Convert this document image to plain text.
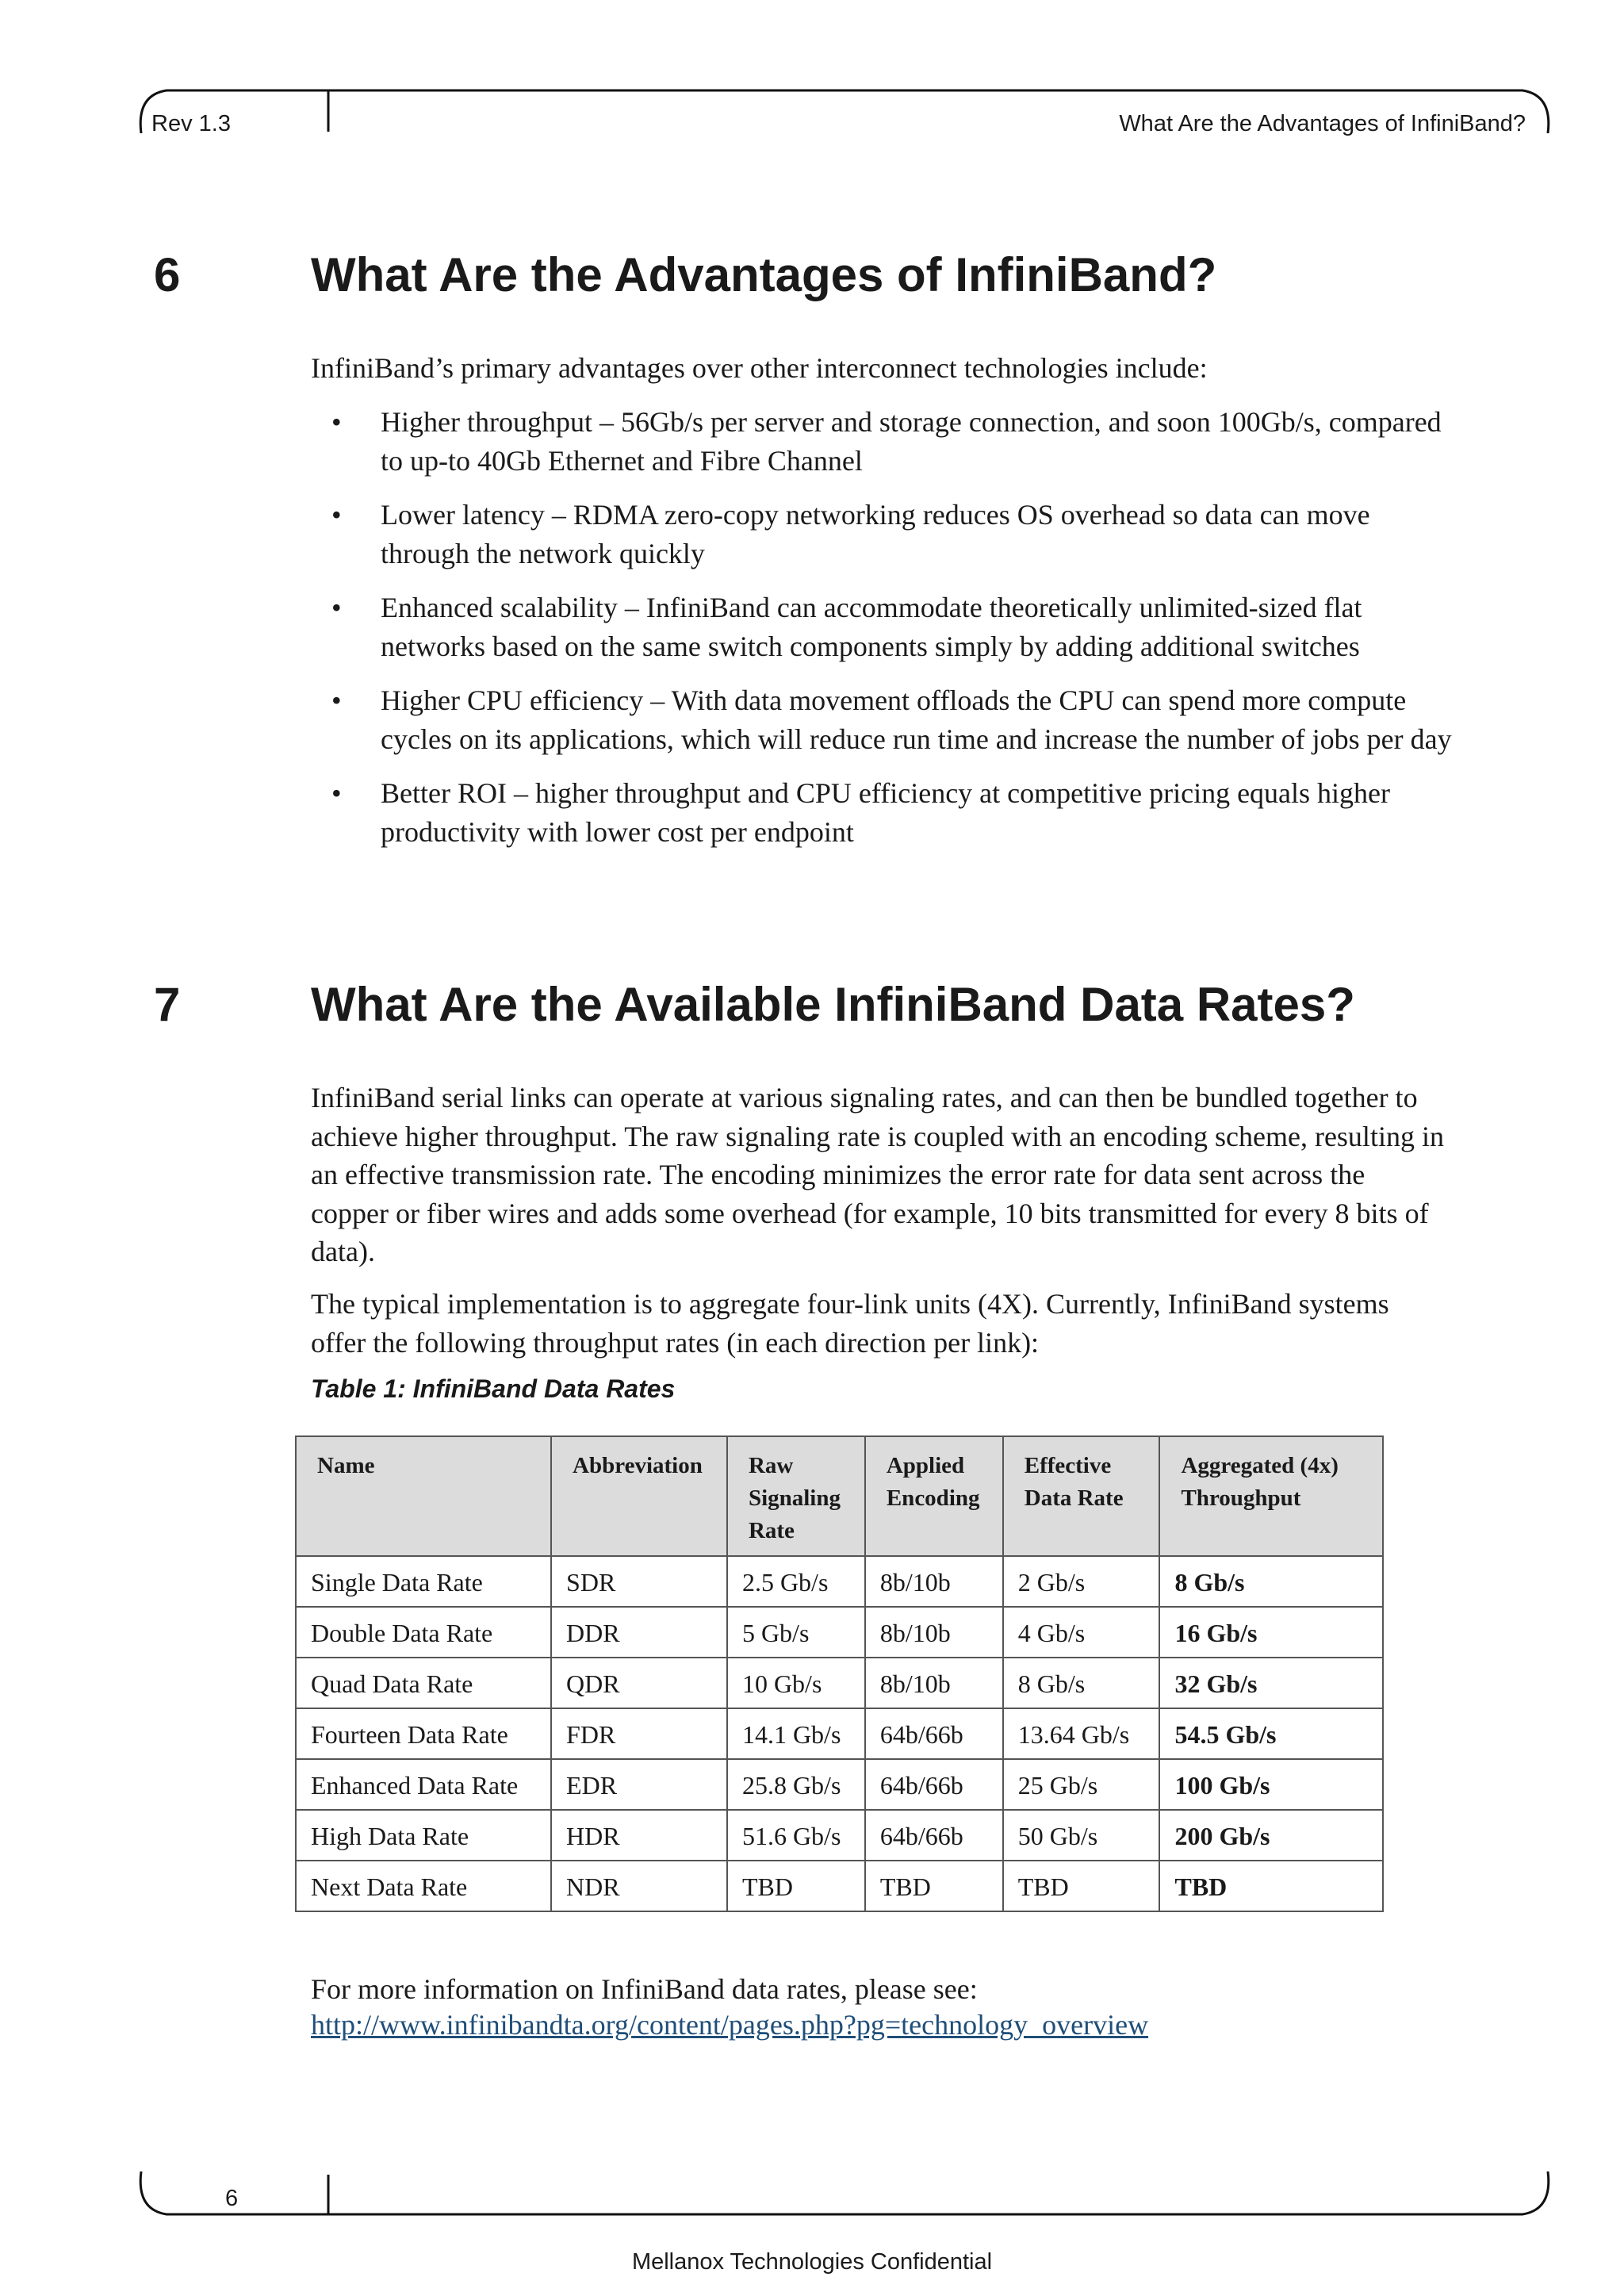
Rev 1.3	What Are the Advantages of InfiniBand?
6	What Are the Advantages of InfiniBand?
InfiniBand’s primary advantages over other interconnect technologies include:
• Higher throughput – 56Gb/s per server and storage connection, and soon 100Gb/s, compared to up-to 40Gb Ethernet and Fibre Channel
• Lower latency – RDMA zero-copy networking reduces OS overhead so data can move through the network quickly
• Enhanced scalability – InfiniBand can accommodate theoretically unlimited-sized flat networks based on the same switch components simply by adding additional switches
• Higher CPU efficiency – With data movement offloads the CPU can spend more compute cycles on its applications, which will reduce run time and increase the number of jobs per day
• Better ROI – higher throughput and CPU efficiency at competitive pricing equals higher productivity with lower cost per endpoint
7	What Are the Available InfiniBand Data Rates?
InfiniBand serial links can operate at various signaling rates, and can then be bundled together to achieve higher throughput. The raw signaling rate is coupled with an encoding scheme, resulting in an effective transmission rate. The encoding minimizes the error rate for data sent across the copper or fiber wires and adds some overhead (for example, 10 bits transmitted for every 8 bits of data).
The typical implementation is to aggregate four-link units (4X). Currently, InfiniBand systems offer the following throughput rates (in each direction per link):
Table 1: InfiniBand Data Rates
Name	Abbreviation	Raw Signaling Rate	Applied Encoding	Effective Data Rate	Aggregated (4x) Throughput
Single Data Rate	SDR	2.5 Gb/s	8b/10b	2 Gb/s	8 Gb/s
Double Data Rate	DDR	5 Gb/s	8b/10b	4 Gb/s	16 Gb/s
Quad Data Rate	QDR	10 Gb/s	8b/10b	8 Gb/s	32 Gb/s
Fourteen Data Rate	FDR	14.1 Gb/s	64b/66b	13.64 Gb/s	54.5 Gb/s
Enhanced Data Rate	EDR	25.8 Gb/s	64b/66b	25 Gb/s	100 Gb/s
High Data Rate	HDR	51.6 Gb/s	64b/66b	50 Gb/s	200 Gb/s
Next Data Rate	NDR	TBD	TBD	TBD	TBD
For more information on InfiniBand data rates, please see:
http://www.infinibandta.org/content/pages.php?pg=technology_overview
6
Mellanox Technologies Confidential
